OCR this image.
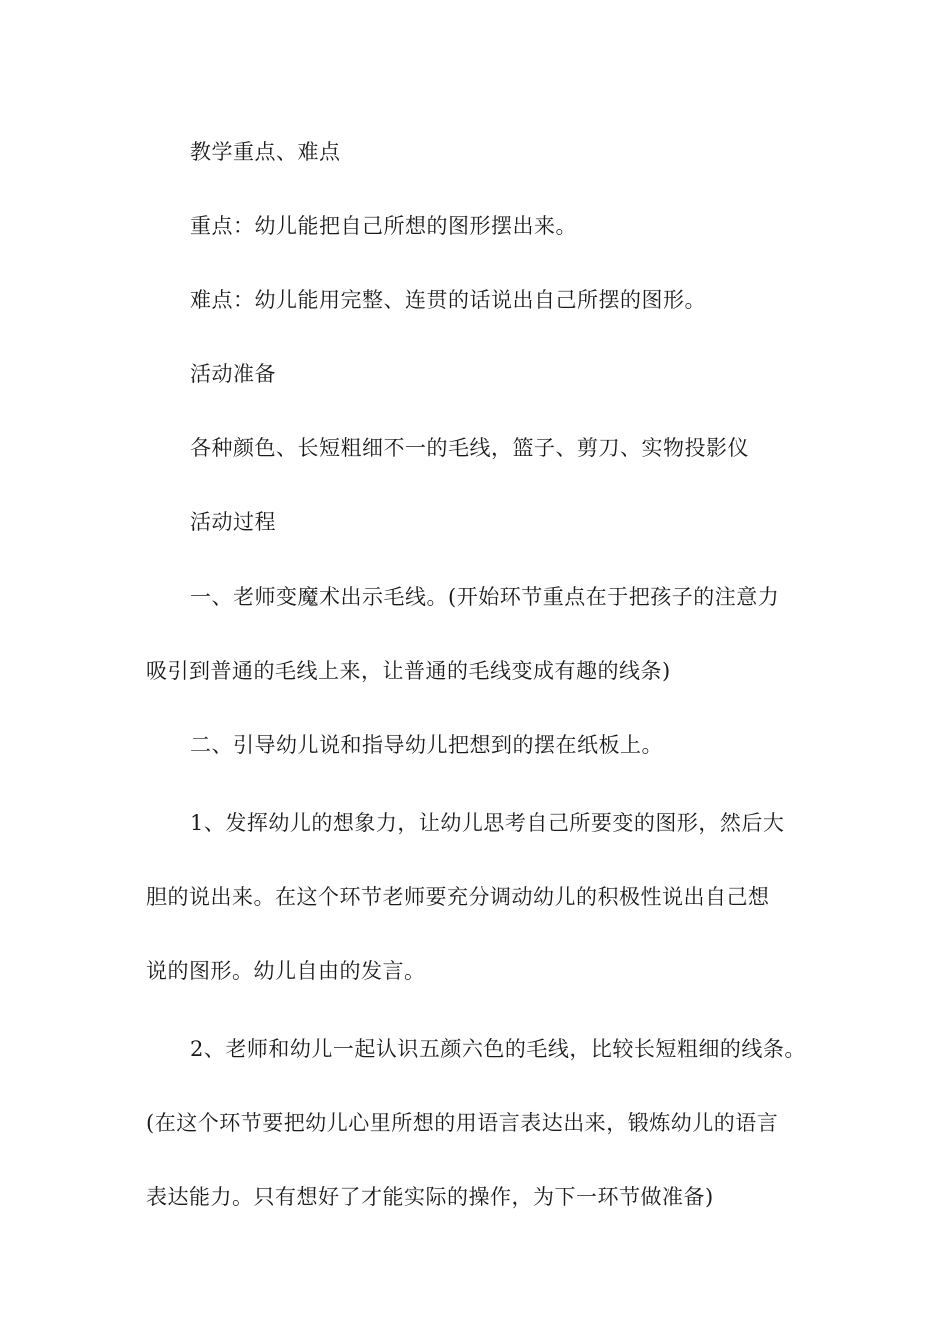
教学重点、难点
重点：幼儿能把自己所想的图形摆出来。
难点：幼儿能用完整、连贯的话说出自己所摆的图形。
活动准备
各种颜色、长短粗细不一的毛线，篮子、剪刀、实物投影仪
活动过程
一、老师变魔术出示毛线。(开始环节重点在于把孩子的注意力
吸引到普通的毛线上来，让普通的毛线变成有趣的线条)
二、引导幼儿说和指导幼儿把想到的摆在纸板上。
1、发挥幼儿的想象力，让幼儿思考自己所要变的图形，然后大
胆的说出来。在这个环节老师要充分调动幼儿的积极性说出自己想
说的图形。幼儿自由的发言。
2、老师和幼儿一起认识五颜六色的毛线，比较长短粗细的线条。
(在这个环节要把幼儿心里所想的用语言表达出来，锻炼幼儿的语言
表达能力。只有想好了才能实际的操作，为下一环节做准备)
